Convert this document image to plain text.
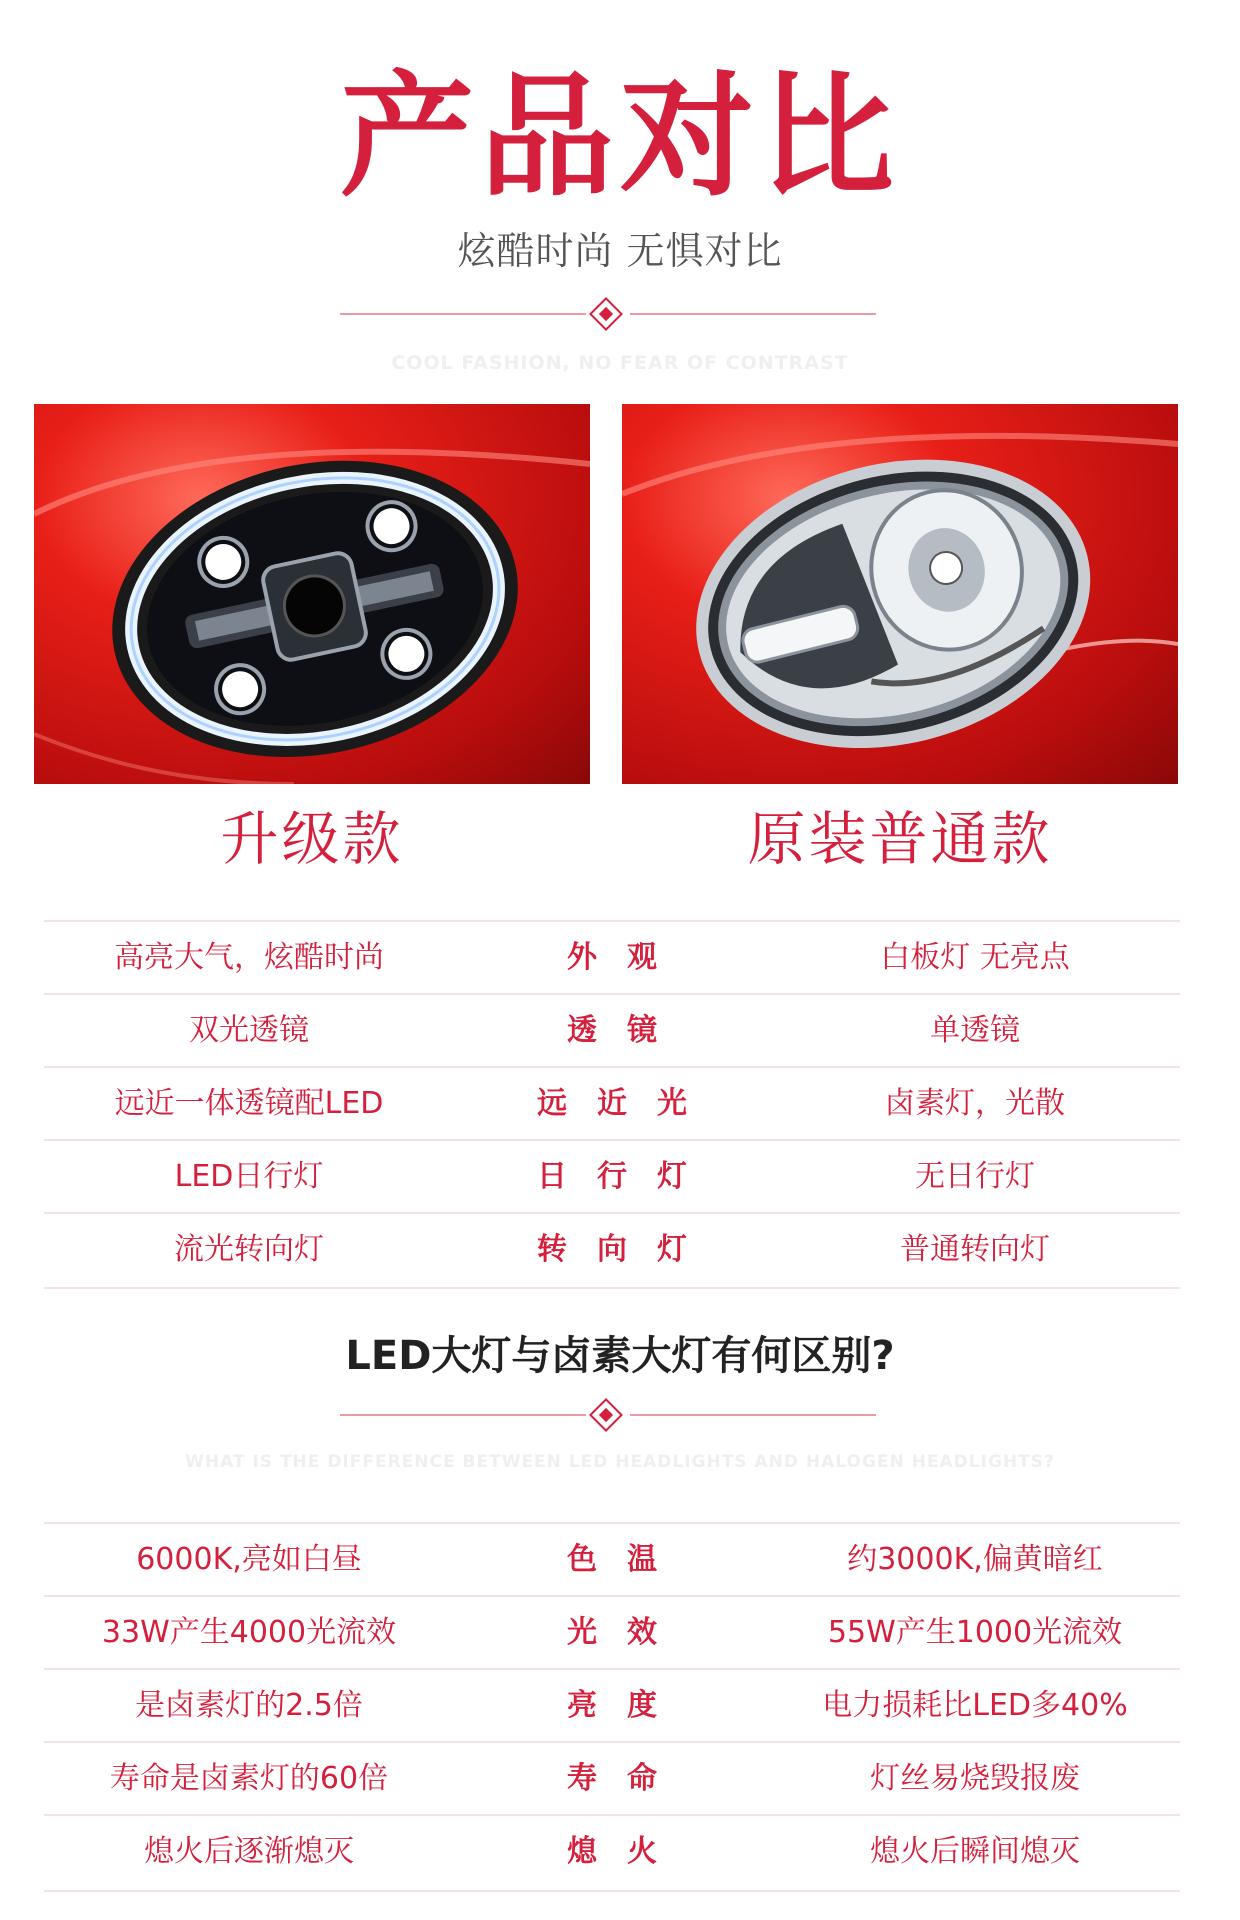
产品对比
炫酷时尚 无惧对比
COOL FASHION, NO FEAR OF CONTRAST
升级款	原装普通款
高亮大气，炫酷时尚	外　观	白板灯 无亮点
双光透镜	透　镜	单透镜
远近一体透镜配LED	远　近　光	卤素灯，光散
LED日行灯	日　行　灯	无日行灯
流光转向灯	转　向　灯	普通转向灯
LED大灯与卤素大灯有何区别?
WHAT IS THE DIFFERENCE BETWEEN LED HEADLIGHTS AND HALOGEN HEADLIGHTS?
6000K,亮如白昼	色　温	约3000K,偏黄暗红
33W产生4000光流效	光　效	55W产生1000光流效
是卤素灯的2.5倍	亮　度	电力损耗比LED多40%
寿命是卤素灯的60倍	寿　命	灯丝易烧毁报废
熄火后逐渐熄灭	熄　火	熄火后瞬间熄灭
